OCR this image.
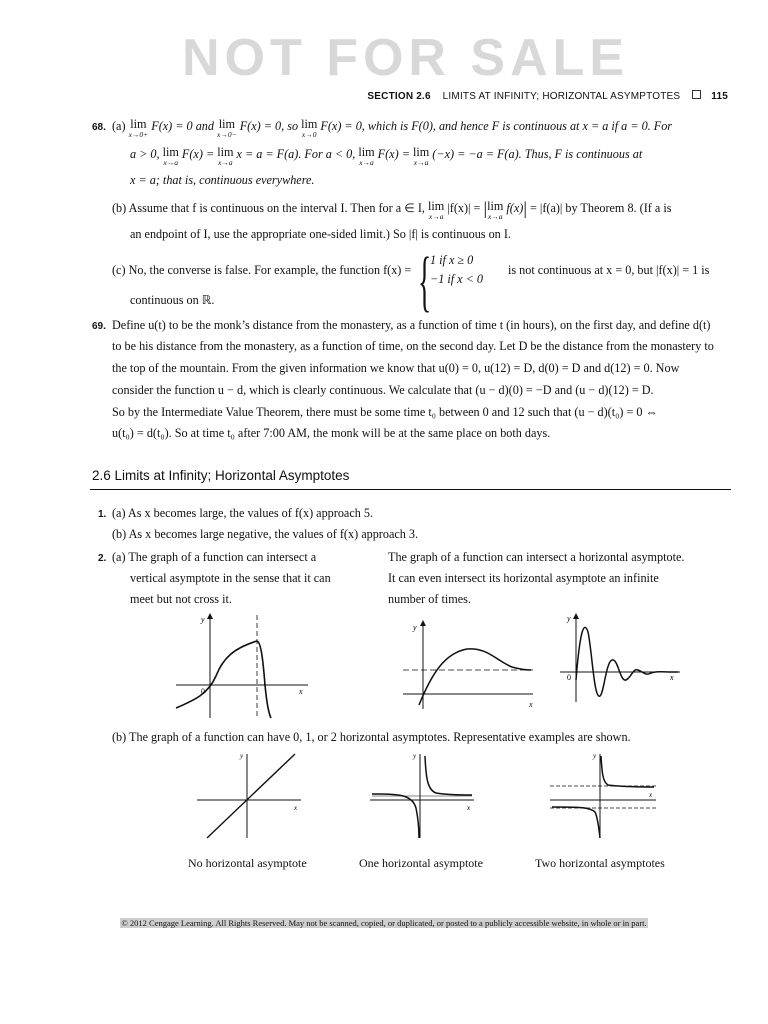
NOT FOR SALE
SECTION 2.6 LIMITS AT INFINITY; HORIZONTAL ASYMPTOTES	115
68. (a) lim
x→0+
F(x) = 0 and lim
x→0−
F(x) = 0, so lim
x→0
F(x) = 0, which is F(0), and hence F is continuous at x = a if a = 0. For
a > 0, lim
x→a
F(x) = lim
x→a
x = a = F(a). For a < 0, lim
x→a
F(x) = lim
x→a
(−x) = −a = F(a). Thus, F is continuous at
x = a; that is, continuous everywhere.
(b) Assume that f is continuous on the interval I. Then for a ∈ I, lim
x→a
|f(x)| = |lim
x→a
f(x)| = |f(a)| by Theorem 8. (If a is
an endpoint of I, use the appropriate one-sided limit.) So |f| is continuous on I.
(c) No, the converse is false. For example, the function f(x) = {
1 if x ≥ 0
−1 if x < 0
is not continuous at x = 0, but |f(x)| = 1 is
continuous on ℝ.
69. Define u(t) to be the monk’s distance from the monastery, as a function of time t (in hours), on the first day, and define d(t)
to be his distance from the monastery, as a function of time, on the second day. Let D be the distance from the monastery to
the top of the mountain. From the given information we know that u(0) = 0, u(12) = D, d(0) = D and d(12) = 0. Now
consider the function u − d, which is clearly continuous. We calculate that (u − d)(0) = −D and (u − d)(12) = D.
So by the Intermediate Value Theorem, there must be some time t₀ between 0 and 12 such that (u − d)(t₀) = 0 ⇔
u(t₀) = d(t₀). So at time t₀ after 7:00 AM, the monk will be at the same place on both days.
2.6 Limits at Infinity; Horizontal Asymptotes
1. (a) As x becomes large, the values of f(x) approach 5.
(b) As x becomes large negative, the values of f(x) approach 3.
2. (a) The graph of a function can intersect a
vertical asymptote in the sense that it can
meet but not cross it.
The graph of a function can intersect a horizontal asymptote.
It can even intersect its horizontal asymptote an infinite
number of times.
y
x
0
y
x
y
x
0
(b) The graph of a function can have 0, 1, or 2 horizontal asymptotes. Representative examples are shown.
y
x
y
x
y
x
No horizontal asymptote	One horizontal asymptote	Two horizontal asymptotes
© 2012 Cengage Learning. All Rights Reserved. May not be scanned, copied, or duplicated, or posted to a publicly accessible website, in whole or in part.
